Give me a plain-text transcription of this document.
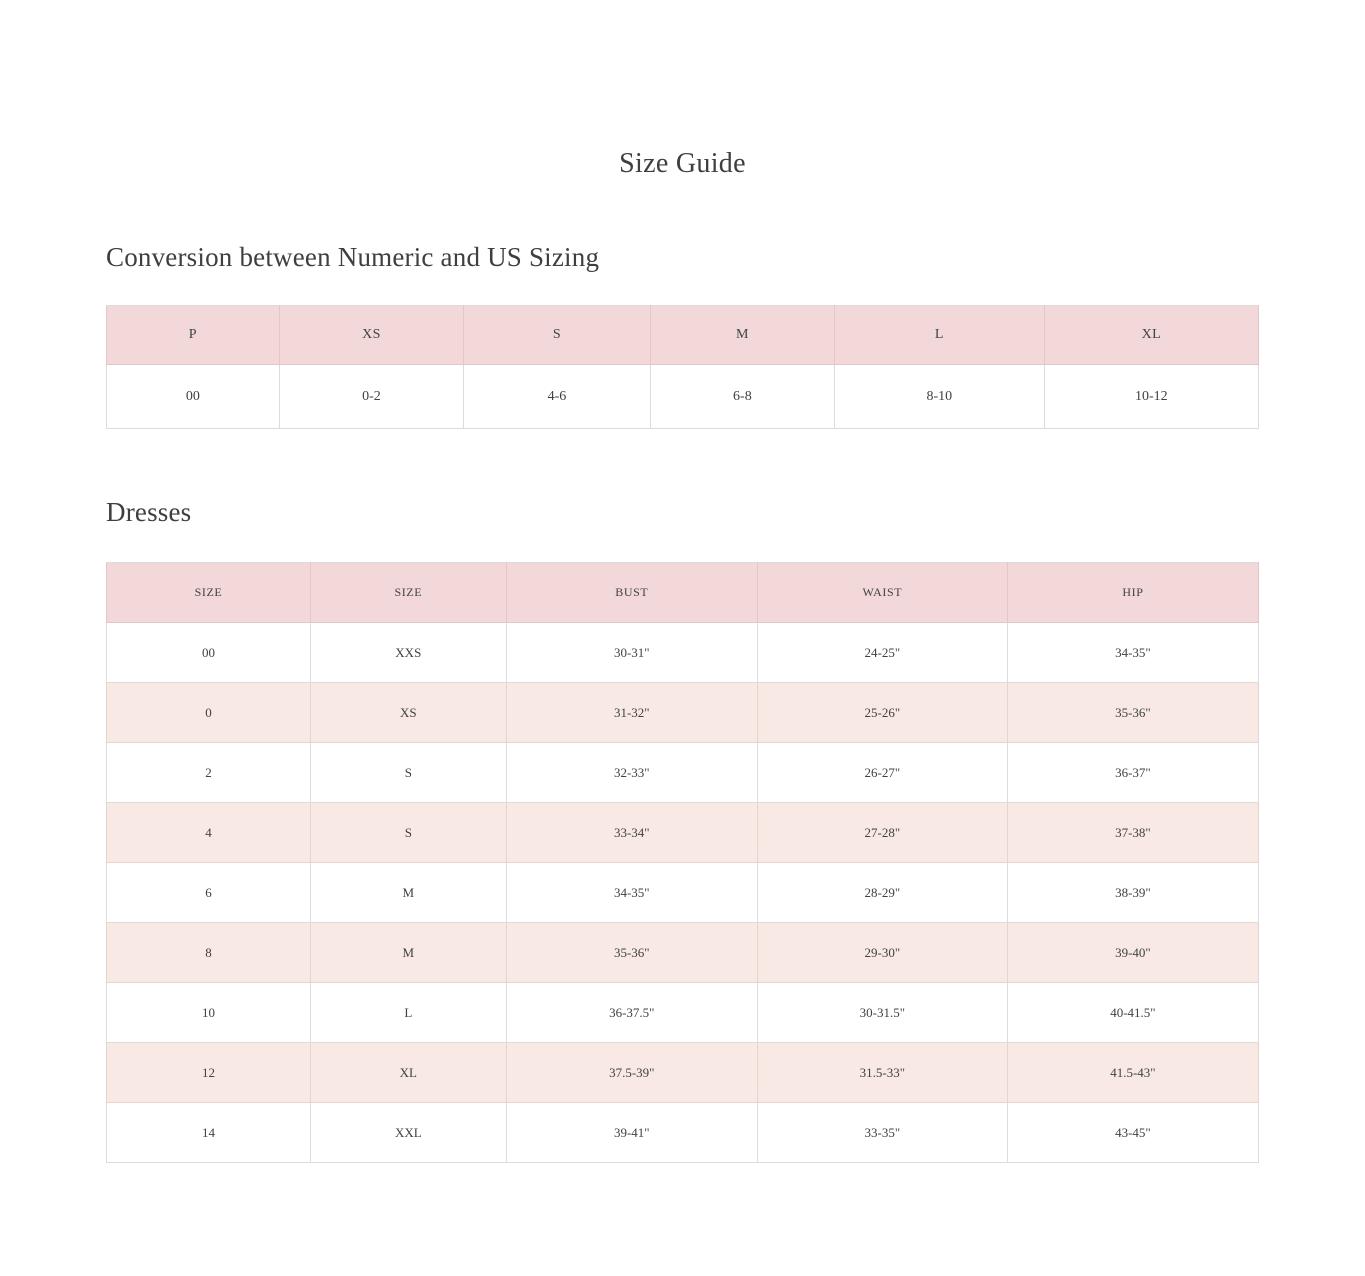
Size Guide
Conversion between Numeric and US Sizing
P	XS	S	M	L	XL
00	0-2	4-6	6-8	8-10	10-12
Dresses
SIZE	SIZE	BUST	WAIST	HIP
00	XXS	30-31"	24-25"	34-35"
0	XS	31-32"	25-26"	35-36"
2	S	32-33"	26-27"	36-37"
4	S	33-34"	27-28"	37-38"
6	M	34-35"	28-29"	38-39"
8	M	35-36"	29-30"	39-40"
10	L	36-37.5"	30-31.5"	40-41.5"
12	XL	37.5-39"	31.5-33"	41.5-43"
14	XXL	39-41"	33-35"	43-45"
